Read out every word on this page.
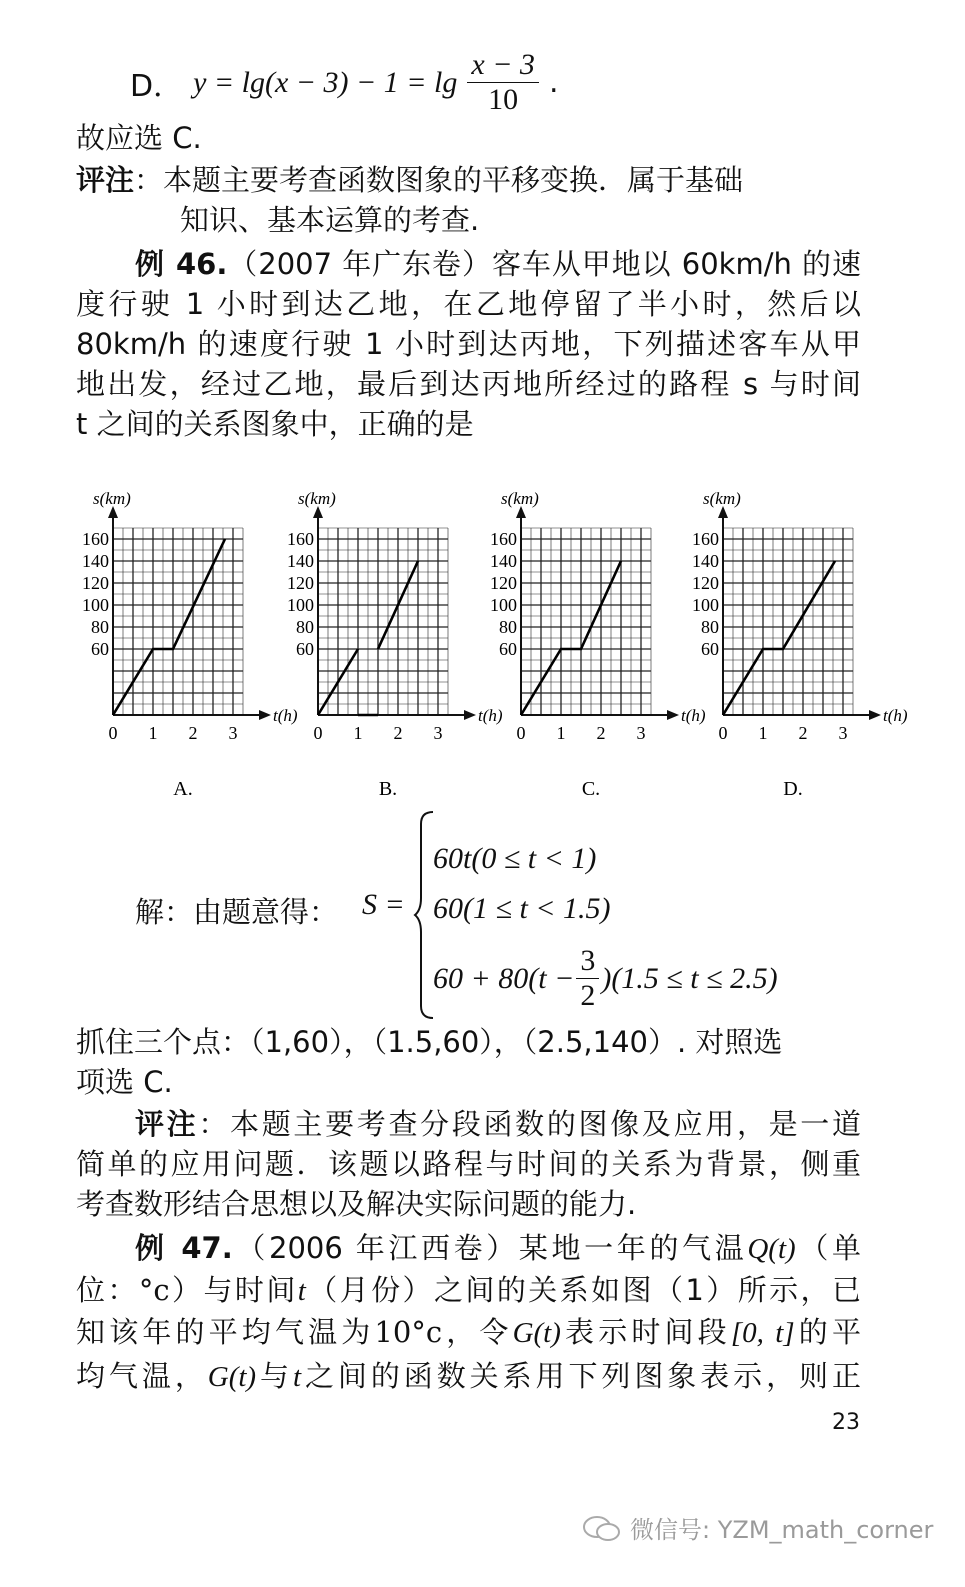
D． $y = \lg(x - 3) - 1 = \lg \frac{x - 3}{10}$ .
故应选 C.
评注：本题主要考查函数图象的平移变换．属于基础
知识、基本运算的考查.
例 46.（2007 年广东卷）客车从甲地以 60km/h 的速
度行驶 1 小时到达乙地，在乙地停留了半小时，然后以
80km/h 的速度行驶 1 小时到达丙地，下列描述客车从甲
地出发，经过乙地，最后到达丙地所经过的路程 s 与时间
t 之间的关系图象中，正确的是
s(km)
t(h)
60
80
100
120
140
160
0 1 2 3
A.
s(km)
t(h)
60
80
100
120
140
160
0 1 2 3
B.
s(km)
t(h)
60
80
100
120
140
160
0 1 2 3
C.
s(km)
t(h)
60
80
100
120
140
160
0 1 2 3
D.
解：由题意得： S =
60t(0 ≤ t < 1)
60(1 ≤ t < 1.5)
$60 + 80(t - \frac{3}{2} )(1.5 \le t \le 2.5)$
抓住三个点：（1,60），（1.5,60），（2.5,140）. 对照选
项选 C.
评注：本题主要考查分段函数的图像及应用，是一道
简单的应用问题．该题以路程与时间的关系为背景，侧重
考查数形结合思想以及解决实际问题的能力.
例 47.（2006 年江西卷）某地一年的气温Q(t)（单
位：°c）与时间t（月份）之间的关系如图（1）所示，已
知该年的平均气温为10°c，令G(t)表示时间段[0, t]的平
均气温，G(t)与t之间的函数关系用下列图象表示，则正
23
微信号: YZM_math_corner
